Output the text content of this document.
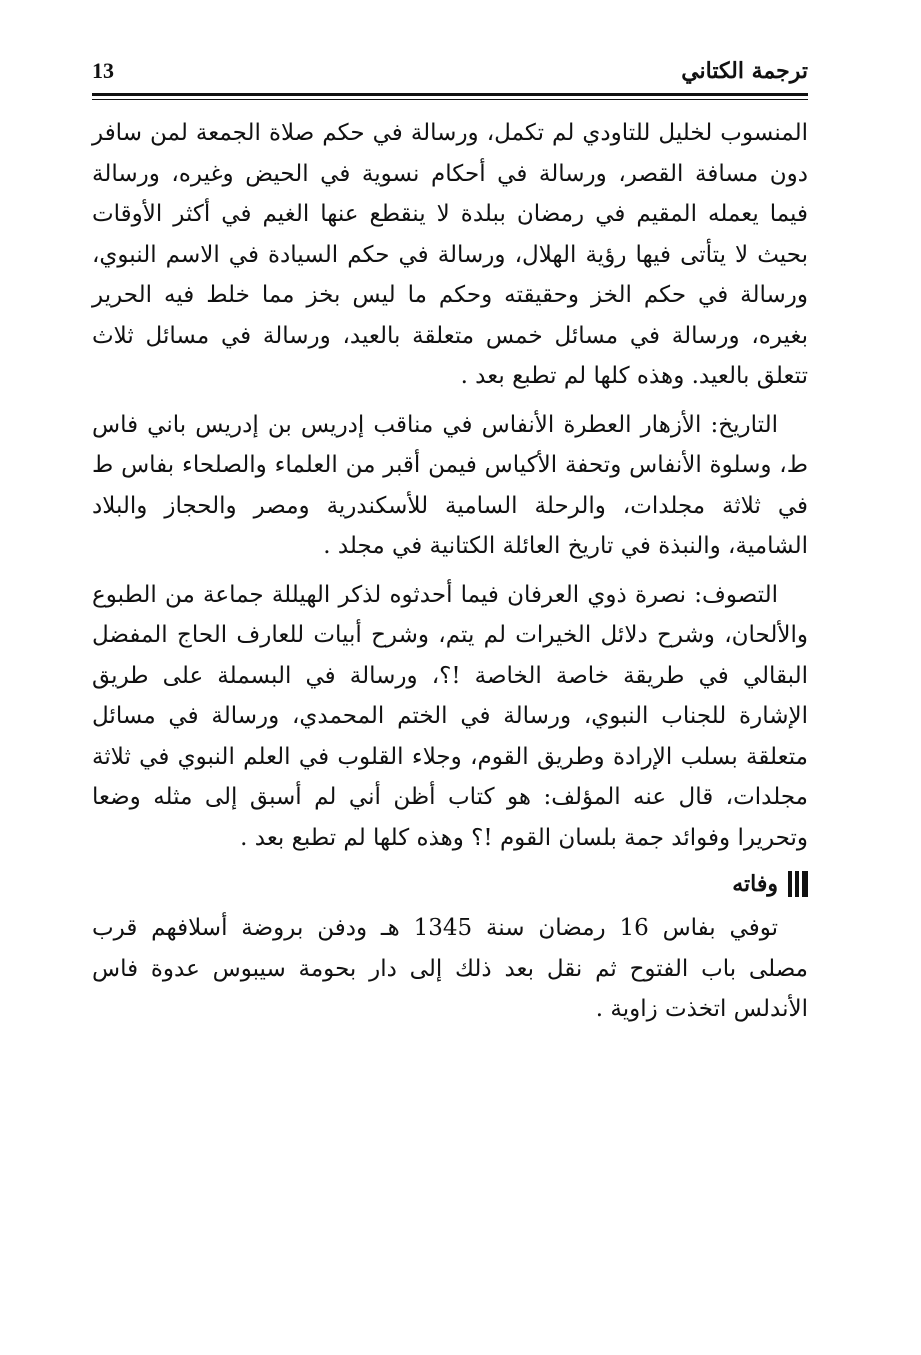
13	ترجمة الكتاني

المنسوب لخليل للتاودي لم تكمل، ورسالة في حكم صلاة الجمعة لمن سافر دون مسافة القصر، ورسالة في أحكام نسوية في الحيض وغيره، ورسالة فيما يعمله المقيم في رمضان ببلدة لا ينقطع عنها الغيم في أكثر الأوقات بحيث لا يتأتى فيها رؤية الهلال، ورسالة في حكم السيادة في الاسم النبوي، ورسالة في حكم الخز وحقيقته وحكم ما ليس بخز مما خلط فيه الحرير بغيره، ورسالة في مسائل خمس متعلقة بالعيد، ورسالة في مسائل ثلاث تتعلق بالعيد. وهذه كلها لم تطبع بعد .

التاريخ: الأزهار العطرة الأنفاس في مناقب إدريس بن إدريس باني فاس ط، وسلوة الأنفاس وتحفة الأكياس فيمن أقبر من العلماء والصلحاء بفاس ط في ثلاثة مجلدات، والرحلة السامية للأسكندرية ومصر والحجاز والبلاد الشامية، والنبذة في تاريخ العائلة الكتانية في مجلد .

التصوف: نصرة ذوي العرفان فيما أحدثوه لذكر الهيللة جماعة من الطبوع والألحان، وشرح دلائل الخيرات لم يتم، وشرح أبيات للعارف الحاج المفضل البقالي في طريقة خاصة الخاصة !؟، ورسالة في البسملة على طريق الإشارة للجناب النبوي، ورسالة في الختم المحمدي، ورسالة في مسائل متعلقة بسلب الإرادة وطريق القوم، وجلاء القلوب في العلم النبوي في ثلاثة مجلدات، قال عنه المؤلف: هو كتاب أظن أني لم أسبق إلى مثله وضعا وتحريرا وفوائد جمة بلسان القوم !؟ وهذه كلها لم تطبع بعد .

وفاته

توفي بفاس 16 رمضان سنة 1345 هـ ودفن بروضة أسلافهم قرب مصلى باب الفتوح ثم نقل بعد ذلك إلى دار بحومة سيبوس عدوة فاس الأندلس اتخذت زاوية .
